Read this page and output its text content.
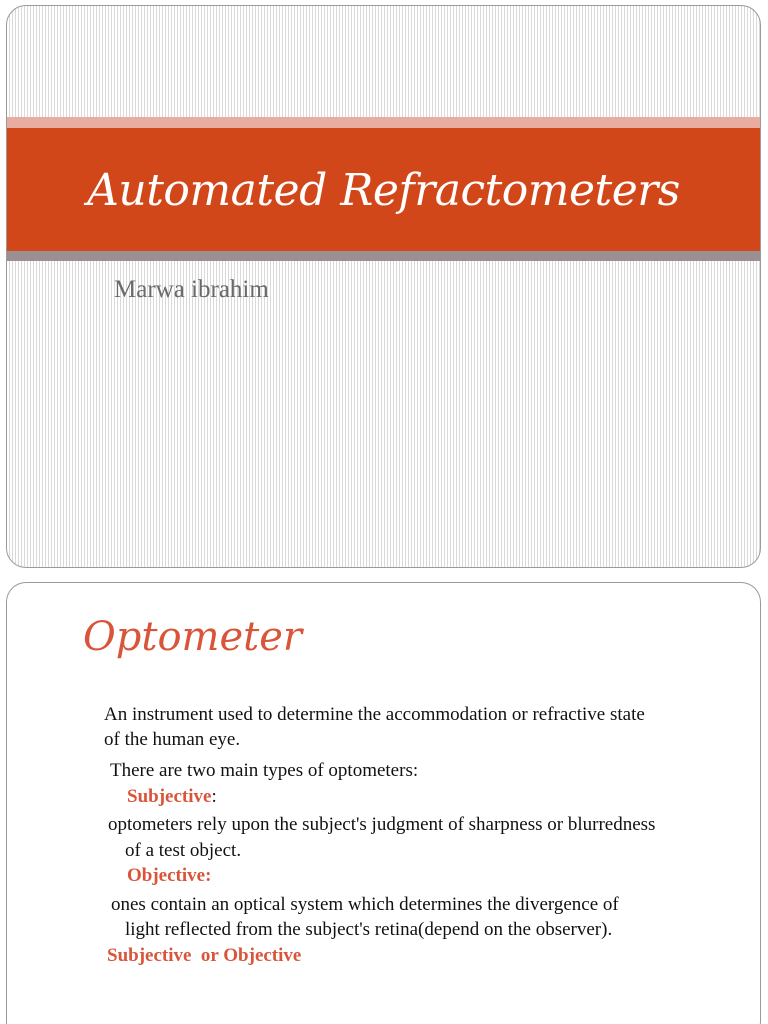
Automated Refractometers
Marwa ibrahim
Optometer
An instrument used to determine the accommodation or refractive state
of the human eye.
There are two main types of optometers:
Subjective:
optometers rely upon the subject's judgment of sharpness or blurredness
of a test object.
Objective:
ones contain an optical system which determines the divergence of
light reflected from the subject's retina(depend on the observer).
Subjective  or Objective
